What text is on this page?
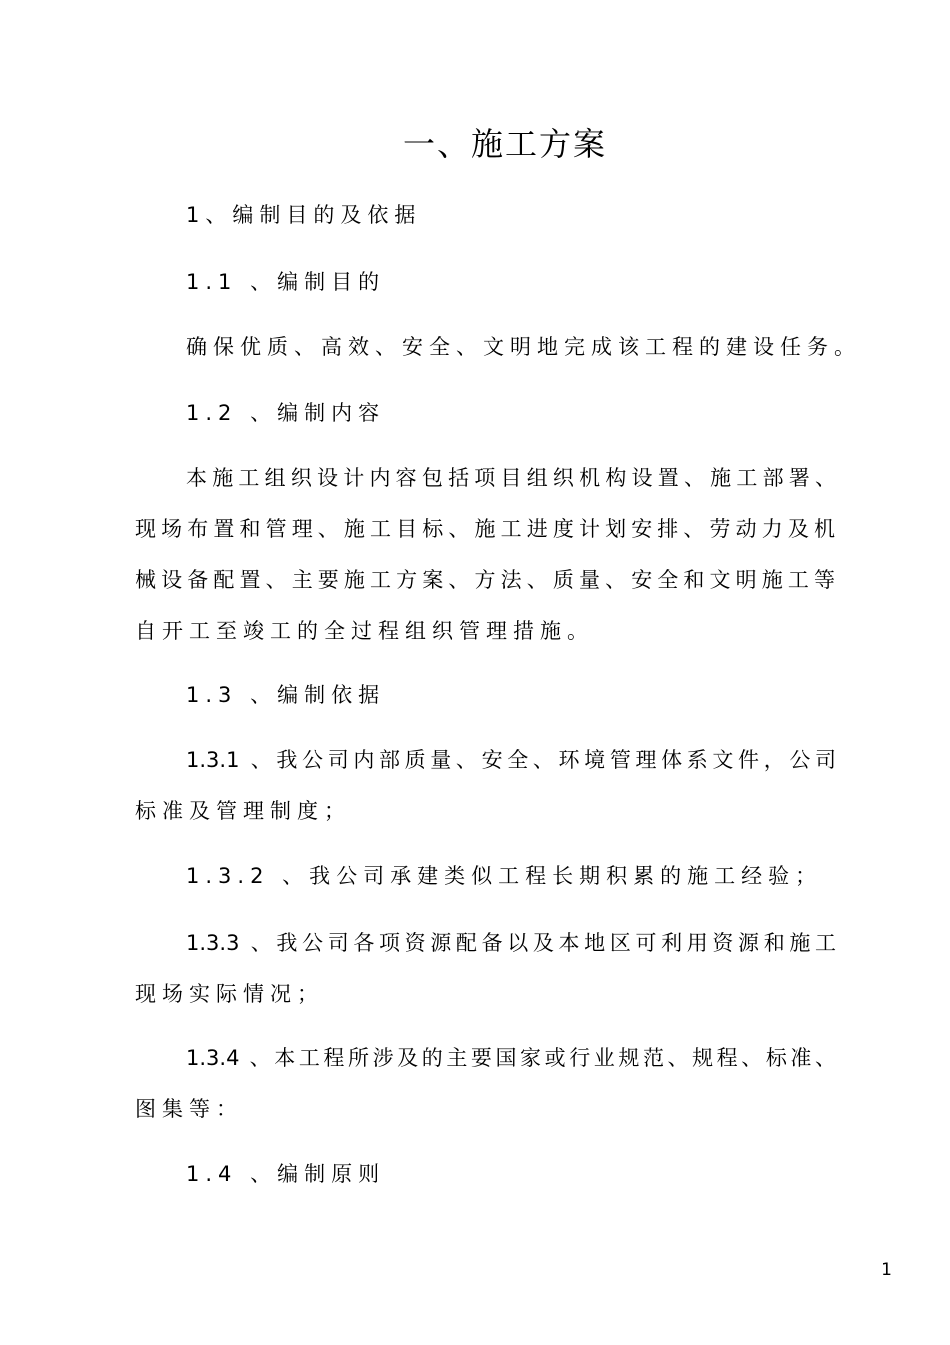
一、施工方案
1、编制目的及依据
1.1 、编制目的
确保优质、高效、安全、文明地完成该工程的建设任务。
1.2 、编制内容
本施工组织设计内容包括项目组织机构设置、施工部署、
现场布置和管理、施工目标、施工进度计划安排、劳动力及机
械设备配置、主要施工方案、方法、质量、安全和文明施工等
自开工至竣工的全过程组织管理措施。
1.3 、编制依据
1.3.1 、我公司内部质量、安全、环境管理体系文件，公司
标准及管理制度；
1.3.2 、我公司承建类似工程长期积累的施工经验；
1.3.3 、我公司各项资源配备以及本地区可利用资源和施工
现场实际情况；
1.3.4 、本工程所涉及的主要国家或行业规范、规程、标准、
图集等：
1.4 、编制原则
1
